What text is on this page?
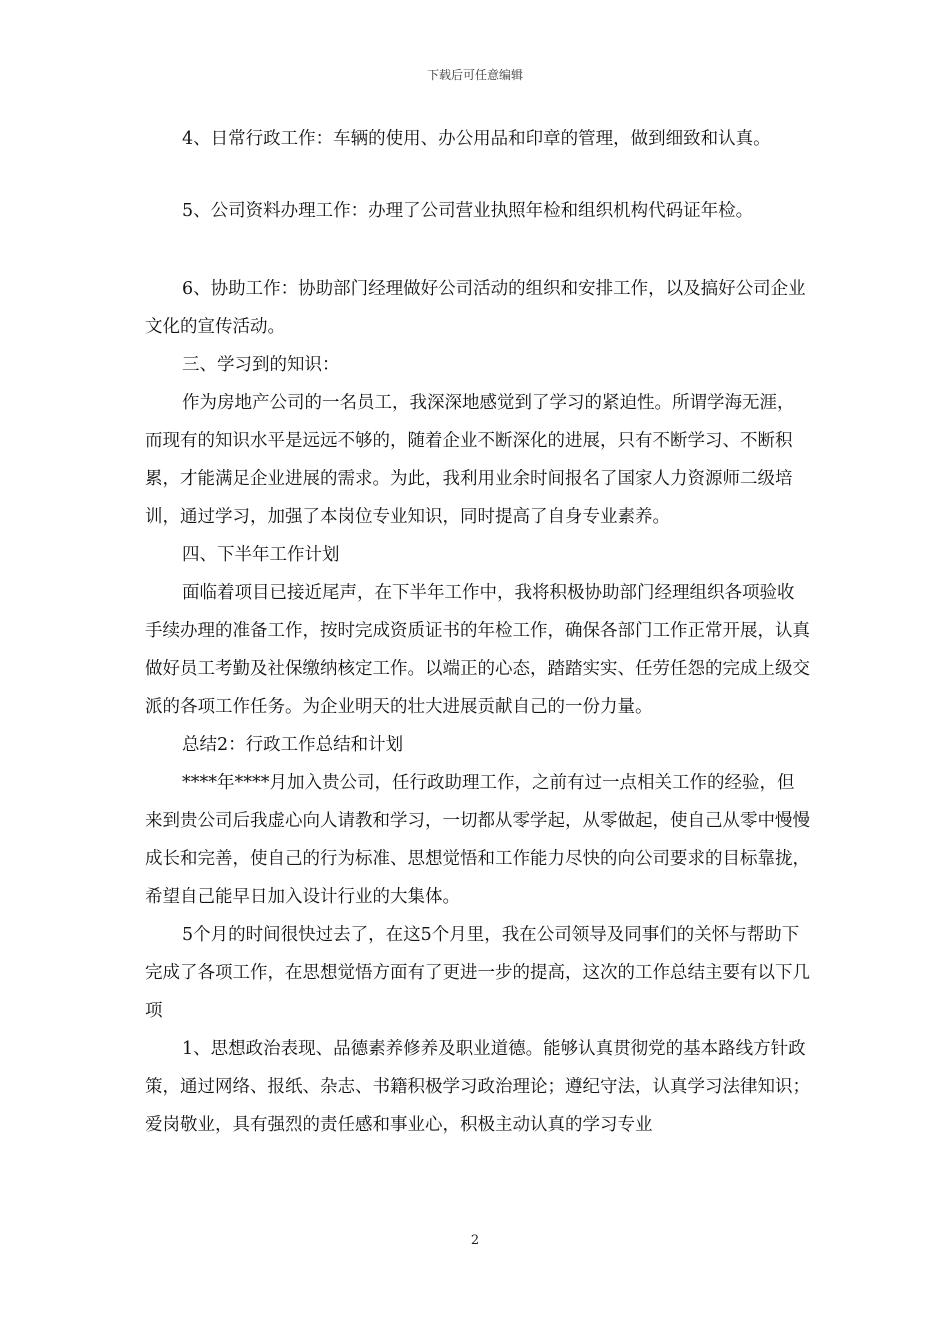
下载后可任意编辑

4、日常行政工作：车辆的使用、办公用品和印章的管理，做到细致和认真。

5、公司资料办理工作：办理了公司营业执照年检和组织机构代码证年检。

6、协助工作：协助部门经理做好公司活动的组织和安排工作，以及搞好公司企业文化的宣传活动。

三、学习到的知识：

作为房地产公司的一名员工，我深深地感觉到了学习的紧迫性。所谓学海无涯，而现有的知识水平是远远不够的，随着企业不断深化的进展，只有不断学习、不断积累，才能满足企业进展的需求。为此，我利用业余时间报名了国家人力资源师二级培训，通过学习，加强了本岗位专业知识，同时提高了自身专业素养。

四、下半年工作计划

面临着项目已接近尾声，在下半年工作中，我将积极协助部门经理组织各项验收手续办理的准备工作，按时完成资质证书的年检工作，确保各部门工作正常开展，认真做好员工考勤及社保缴纳核定工作。以端正的心态，踏踏实实、任劳任怨的完成上级交派的各项工作任务。为企业明天的壮大进展贡献自己的一份力量。

总结2：行政工作总结和计划

****年****月加入贵公司，任行政助理工作，之前有过一点相关工作的经验，但来到贵公司后我虚心向人请教和学习，一切都从零学起，从零做起，使自己从零中慢慢成长和完善，使自己的行为标准、思想觉悟和工作能力尽快的向公司要求的目标靠拢，希望自己能早日加入设计行业的大集体。

5个月的时间很快过去了，在这5个月里，我在公司领导及同事们的关怀与帮助下完成了各项工作，在思想觉悟方面有了更进一步的提高，这次的工作总结主要有以下几项

1、思想政治表现、品德素养修养及职业道德。能够认真贯彻党的基本路线方针政策，通过网络、报纸、杂志、书籍积极学习政治理论；遵纪守法，认真学习法律知识；爱岗敬业，具有强烈的责任感和事业心，积极主动认真的学习专业

2
